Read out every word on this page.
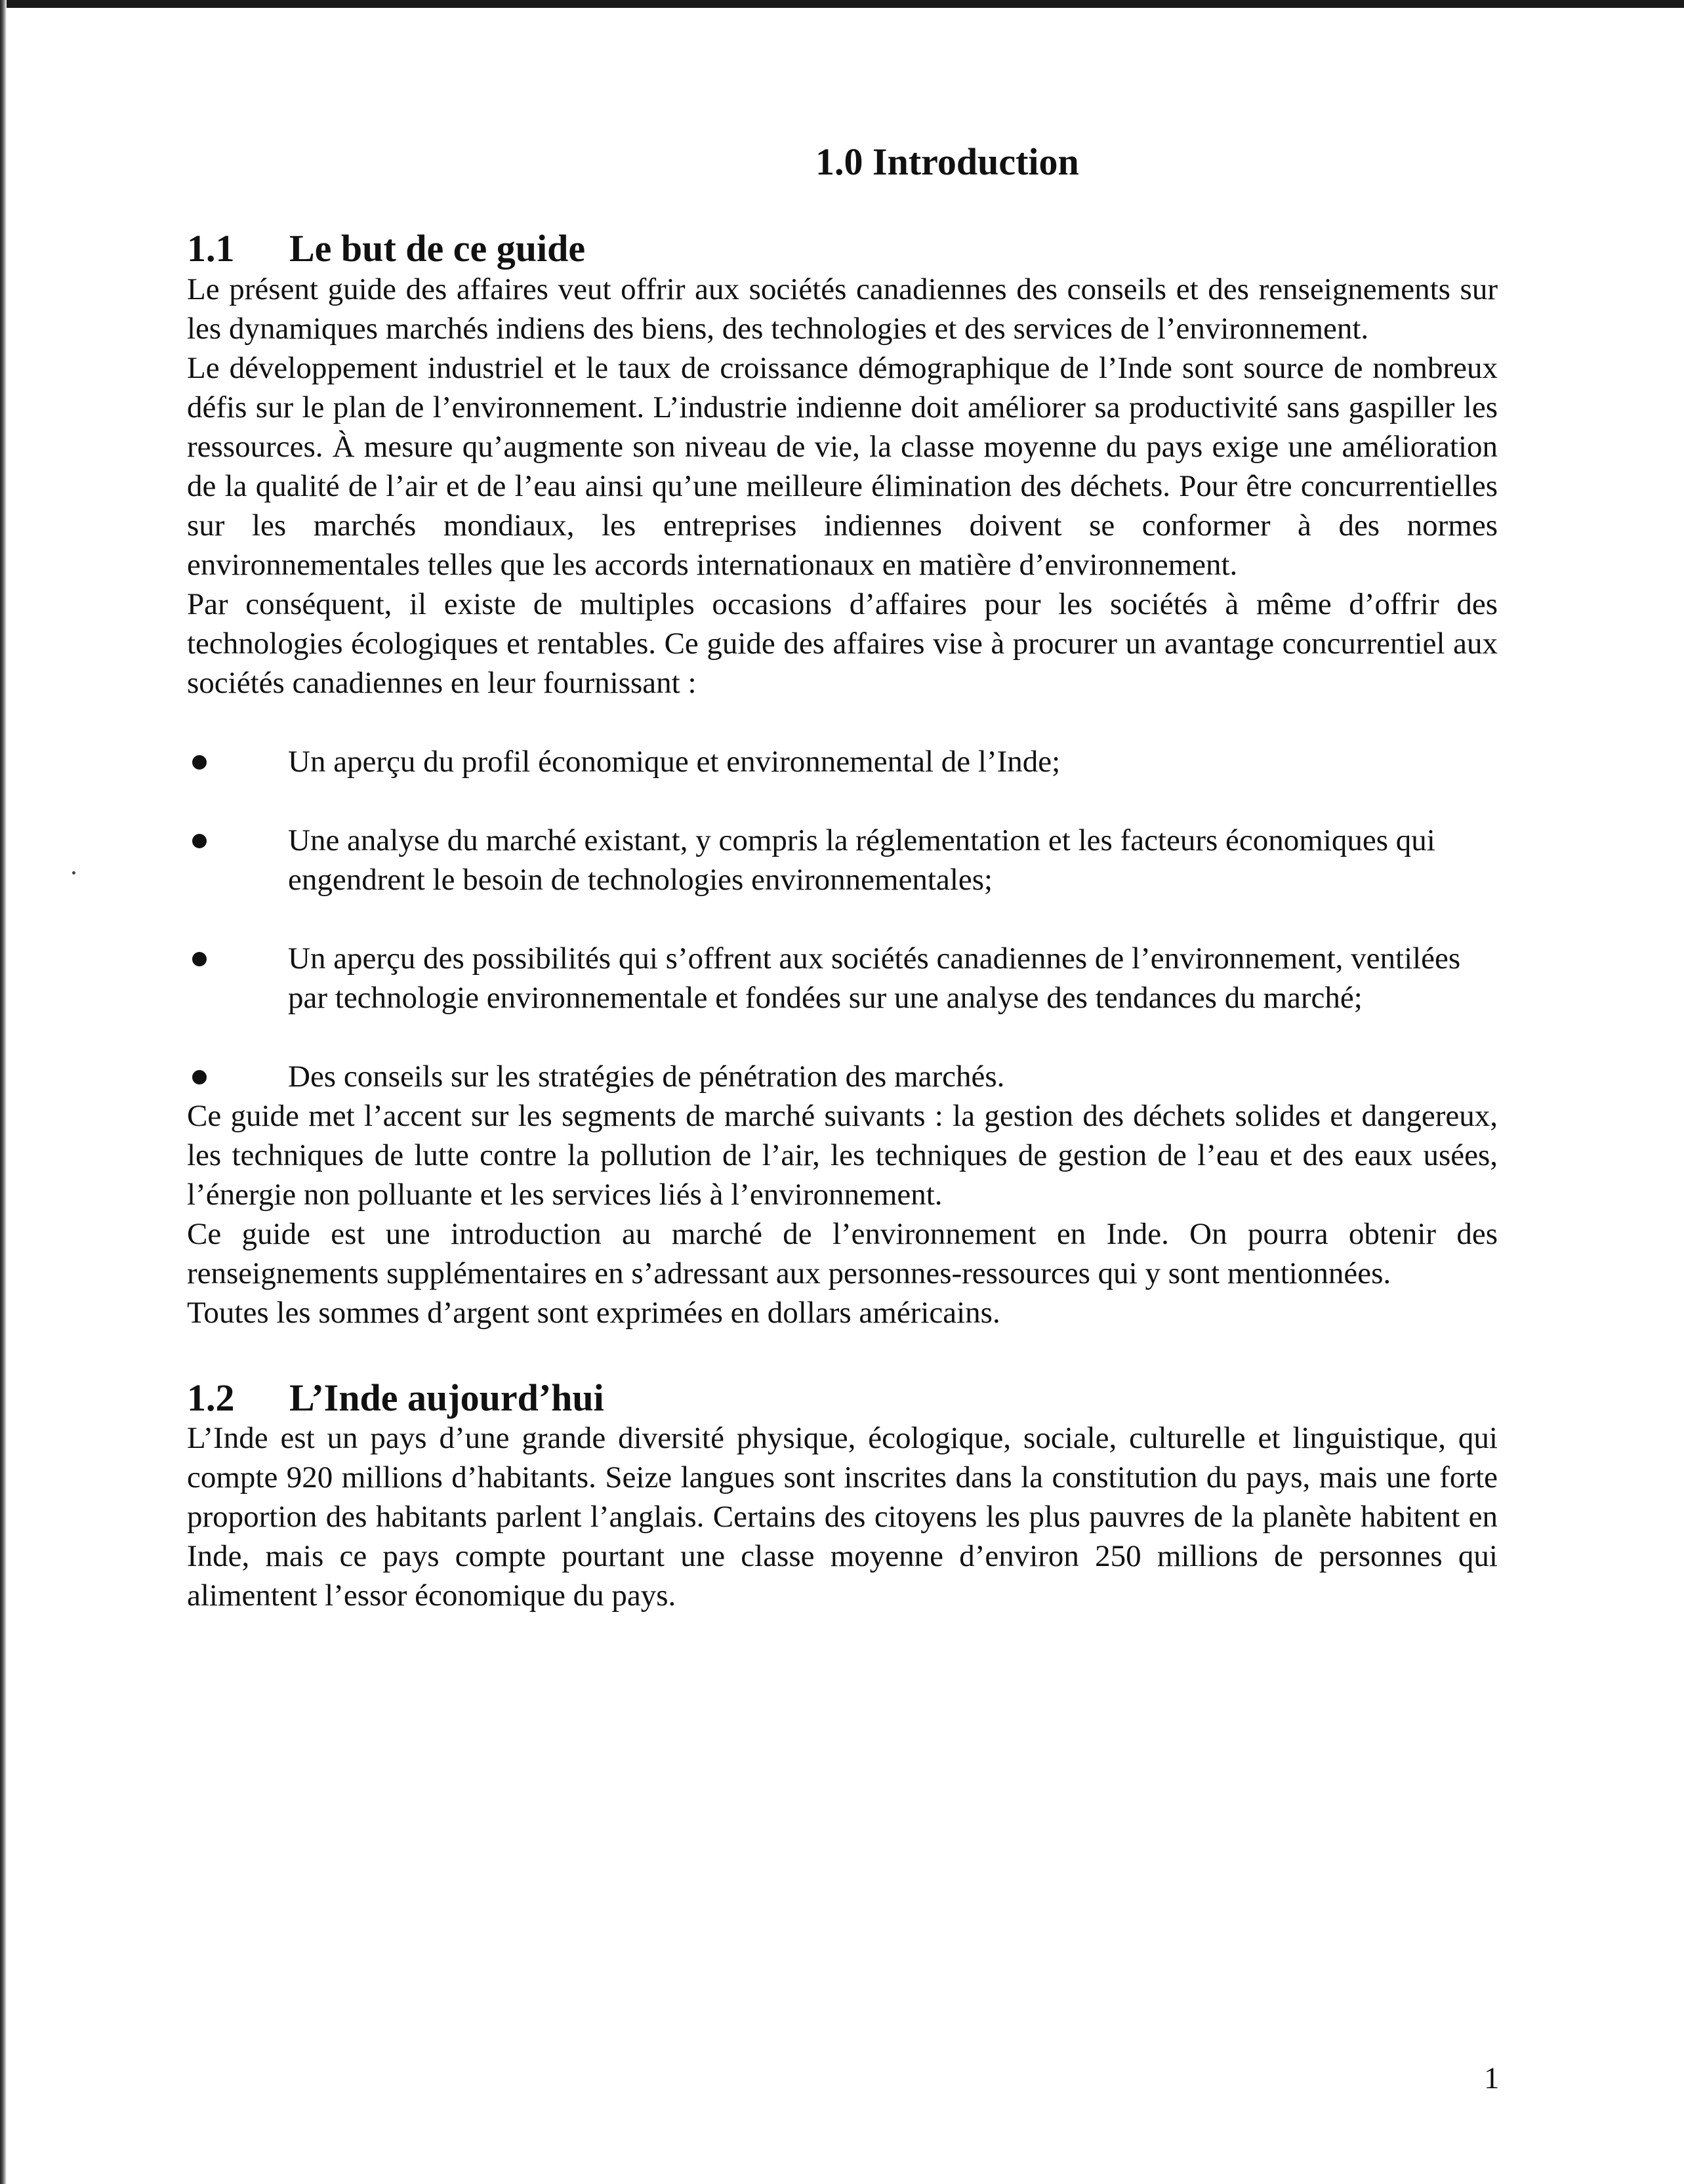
1.0 Introduction
1.1	Le but de ce guide

Le présent guide des affaires veut offrir aux sociétés canadiennes des conseils et des renseignements sur les dynamiques marchés indiens des biens, des technologies et des services de l’environnement.

Le développement industriel et le taux de croissance démographique de l’Inde sont source de nombreux défis sur le plan de l’environnement. L’industrie indienne doit améliorer sa productivité sans gaspiller les ressources. À mesure qu’augmente son niveau de vie, la classe moyenne du pays exige une amélioration de la qualité de l’air et de l’eau ainsi qu’une meilleure élimination des déchets. Pour être concurrentielles sur les marchés mondiaux, les entreprises indiennes doivent se conformer à des normes environnementales telles que les accords internationaux en matière d’environnement.

Par conséquent, il existe de multiples occasions d’affaires pour les sociétés à même d’offrir des technologies écologiques et rentables. Ce guide des affaires vise à procurer un avantage concurrentiel aux sociétés canadiennes en leur fournissant :

Un aperçu du profil économique et environnemental de l’Inde;
Une analyse du marché existant, y compris la réglementation et les facteurs économiques qui engendrent le besoin de technologies environnementales;
Un aperçu des possibilités qui s’offrent aux sociétés canadiennes de l’environnement, ventilées par technologie environnementale et fondées sur une analyse des tendances du marché;
Des conseils sur les stratégies de pénétration des marchés.

Ce guide met l’accent sur les segments de marché suivants : la gestion des déchets solides et dangereux, les techniques de lutte contre la pollution de l’air, les techniques de gestion de l’eau et des eaux usées, l’énergie non polluante et les services liés à l’environnement.

Ce guide est une introduction au marché de l’environnement en Inde. On pourra obtenir des renseignements supplémentaires en s’adressant aux personnes-ressources qui y sont mentionnées.

Toutes les sommes d’argent sont exprimées en dollars américains.

1.2	L’Inde aujourd’hui

L’Inde est un pays d’une grande diversité physique, écologique, sociale, culturelle et linguistique, qui compte 920 millions d’habitants. Seize langues sont inscrites dans la constitution du pays, mais une forte proportion des habitants parlent l’anglais. Certains des citoyens les plus pauvres de la planète habitent en Inde, mais ce pays compte pourtant une classe moyenne d’environ 250 millions de personnes qui alimentent l’essor économique du pays.

1
